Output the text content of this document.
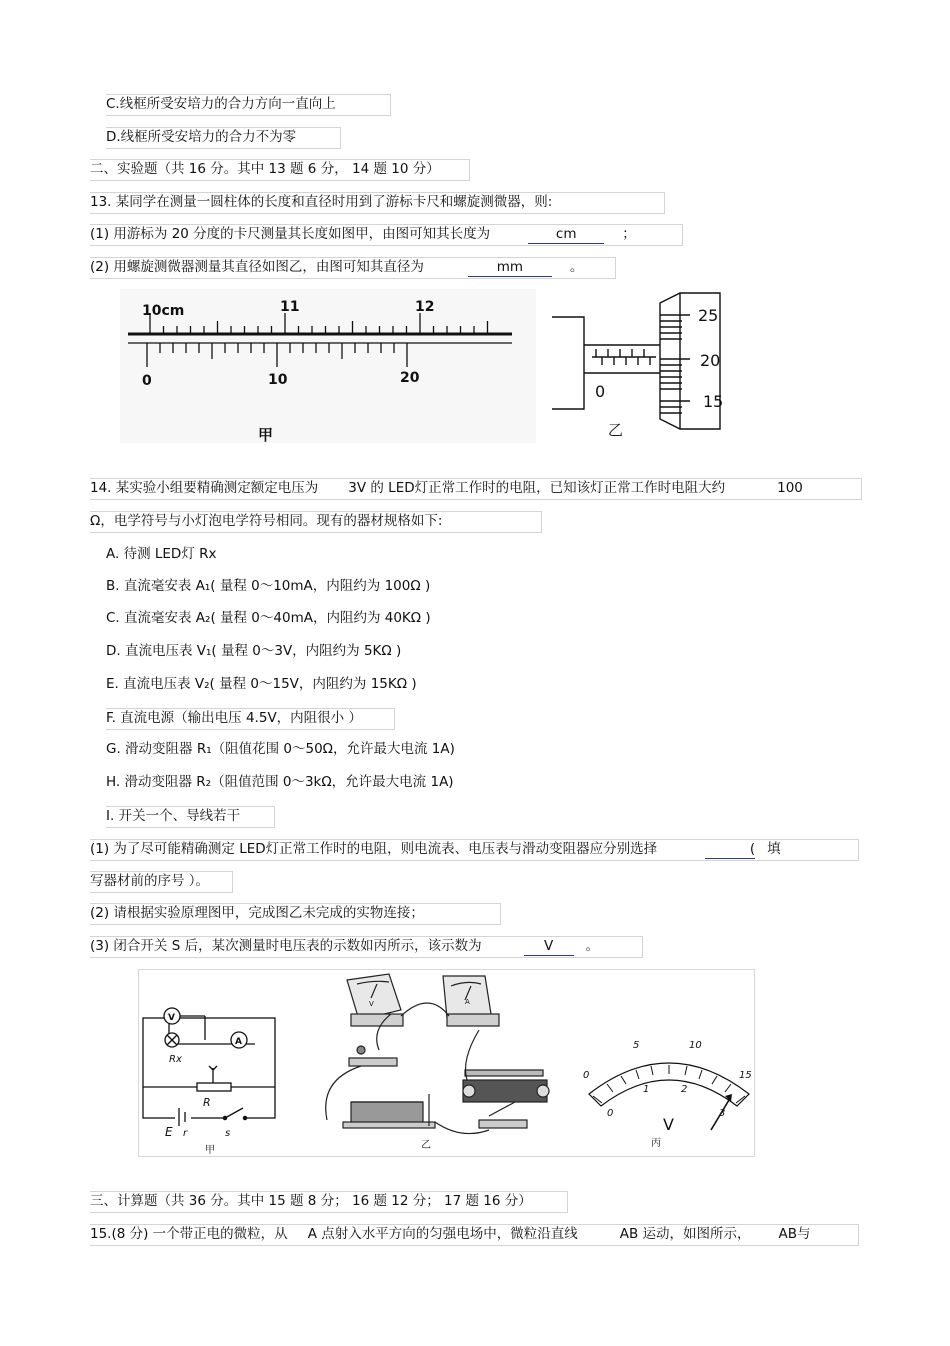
C.线框所受安培力的合力方向一直向上
D.线框所受安培力的合力不为零
二、实验题（共 16 分。其中 13 题 6 分， 14 题 10 分）
13. 某同学在测量一圆柱体的长度和直径时用到了游标卡尺和螺旋测微器，则:
(1) 用游标为 20 分度的卡尺测量其长度如图甲，由图可知其长度为	cm	；
(2) 用螺旋测微器测量其直径如图乙，由图可知其直径为	mm	。
10cm	11	12
0	10	20
甲
25
20
15
0
乙
14. 某实验小组要精确测定额定电压为 3V 的 LED灯正常工作时的电阻，已知该灯正常工作时电阻大约	100
Ω，电学符号与小灯泡电学符号相同。现有的器材规格如下:
A. 待测 LED灯 Rx
B. 直流毫安表 A₁( 量程 0～10mA，内阻约为 100Ω )
C. 直流毫安表 A₂( 量程 0～40mA，内阻约为 40KΩ )
D. 直流电压表 V₁( 量程 0～3V，内阻约为 5KΩ )
E. 直流电压表 V₂( 量程 0～15V，内阻约为 15KΩ )
F. 直流电源（输出电压 4.5V，内阻很小 ）
G. 滑动变阻器 R₁（阻值花围 0～50Ω，允许最大电流 1A)
H. 滑动变阻器 R₂（阻值范围 0～3kΩ，允许最大电流 1A)
I. 开关一个、导线若干
(1) 为了尽可能精确测定 LED灯正常工作时的电阻，则电流表、电压表与滑动变阻器应分别选择	( 填
写器材前的序号 ）。
(2) 请根据实验原理图甲，完成图乙未完成的实物连接；
(3) 闭合开关 S 后，某次测量时电压表的示数如丙所示，该示数为	V 。
V
A
Rx
R
E r	s
甲
V	A
乙
0
5	10
15
0
1	2
3
V
丙
三、计算题（共 36 分。其中 15 题 8 分； 16 题 12 分； 17 题 16 分）
15.(8 分) 一个带正电的微粒，从 A 点射入水平方向的匀强电场中，微粒沿直线	AB 运动，如图所示， AB与
